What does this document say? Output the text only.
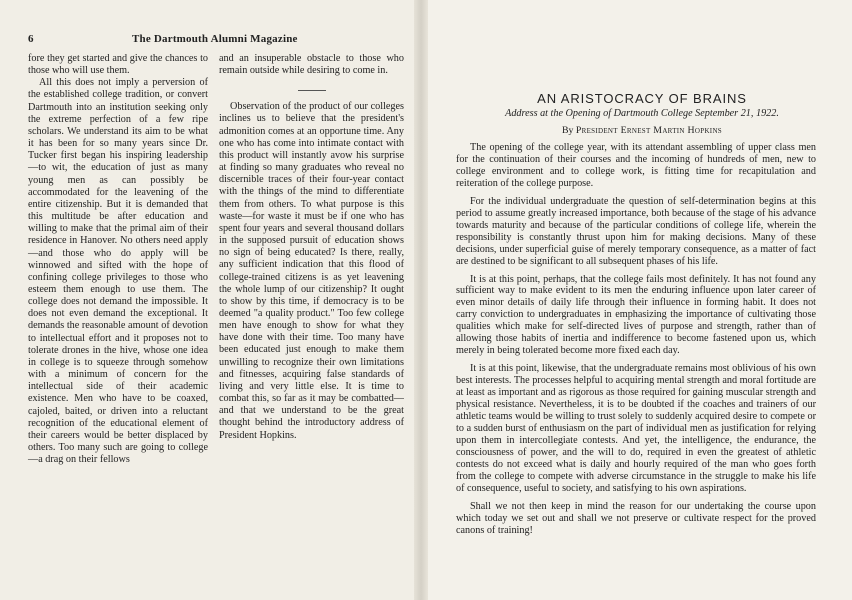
6	The Dartmouth Alumni Magazine

fore they get started and give the chances to those who will use them.

All this does not imply a perversion of the established college tradition, or convert Dartmouth into an institution seeking only the extreme perfection of a few ripe scholars. We understand its aim to be what it has been for so many years since Dr. Tucker first began his inspiring leadership—to wit, the education of just as many young men as can possibly be accommodated for the leavening of the entire citizenship. But it is demanded that this multitude be after education and willing to make that the primal aim of their residence in Hanover. No others need apply—and those who do apply will be winnowed and sifted with the hope of confining college privileges to those who esteem them enough to use them. The college does not demand the impossible. It does not even demand the exceptional. It demands the reasonable amount of devotion to intellectual effort and it proposes not to tolerate drones in the hive, whose one idea in college is to squeeze through somehow with a minimum of concern for the intellectual side of their academic existence. Men who have to be coaxed, cajoled, baited, or driven into a reluctant recognition of the educational element of their careers would be better displaced by others. Too many such are going to college—a drag on their fellows

and an insuperable obstacle to those who remain outside while desiring to come in.

Observation of the product of our colleges inclines us to believe that the president's admonition comes at an opportune time. Any one who has come into intimate contact with this product will instantly avow his surprise at finding so many graduates who reveal no discernible traces of their four-year contact with the things of the mind to differentiate them from others. To what purpose is this waste—for waste it must be if one who has spent four years and several thousand dollars in the supposed pursuit of education shows no sign of being educated? Is there, really, any sufficient indication that this flood of college-trained citizens is as yet leavening the whole lump of our citizenship? It ought to show by this time, if democracy is to be deemed "a quality product." Too few college men have enough to show for what they have done with their time. Too many have been educated just enough to make them unwilling to recognize their own limitations and fitnesses, acquiring false standards of living and very little else. It is time to combat this, so far as it may be combatted—and that we understand to be the great thought behind the introductory address of President Hopkins.

AN ARISTOCRACY OF BRAINS
Address at the Opening of Dartmouth College September 21, 1922.
By President Ernest Martin Hopkins

The opening of the college year, with its attendant assembling of upper class men for the continuation of their courses and the incoming of hundreds of men, new to college environment and to college work, is fitting time for recapitulation and reiteration of the college purpose.

For the individual undergraduate the question of self-determination begins at this period to assume greatly increased importance, both because of the stage of his advance towards maturity and because of the particular conditions of college life, wherein the responsibility is constantly thrust upon him for making decisions. Many of these decisions, under superficial guise of merely temporary consequence, as a matter of fact are destined to be significant to all subsequent phases of his life.

It is at this point, perhaps, that the college fails most definitely. It has not found any sufficient way to make evident to its men the enduring influence upon later career of even minor details of daily life through their influence in forming habit. It does not carry conviction to undergraduates in emphasizing the importance of cultivating those qualities which make for self-directed lives of purpose and strength, rather than of allowing those habits of inertia and indifference to become fastened upon us, which merely in being tolerated become more fixed each day.

It is at this point, likewise, that the undergraduate remains most oblivious of his own best interests. The processes helpful to acquiring mental strength and moral fortitude are at least as important and as rigorous as those required for gaining muscular strength and physical resistance. Nevertheless, it is to be doubted if the coaches and trainers of our athletic teams would be willing to trust solely to suddenly acquired desire to compete or to a sudden burst of enthusiasm on the part of individual men as justification for relying upon them in intercollegiate contests. And yet, the intelligence, the endurance, the consciousness of power, and the will to do, required in even the greatest of athletic contests do not exceed what is daily and hourly required of the man who goes forth from the college to compete with adverse circumstance in the struggle to make his life of consequence, useful to society, and satisfying to his own aspirations.

Shall we not then keep in mind the reason for our undertaking the course upon which today we set out and shall we not preserve or cultivate respect for the proved canons of training!
